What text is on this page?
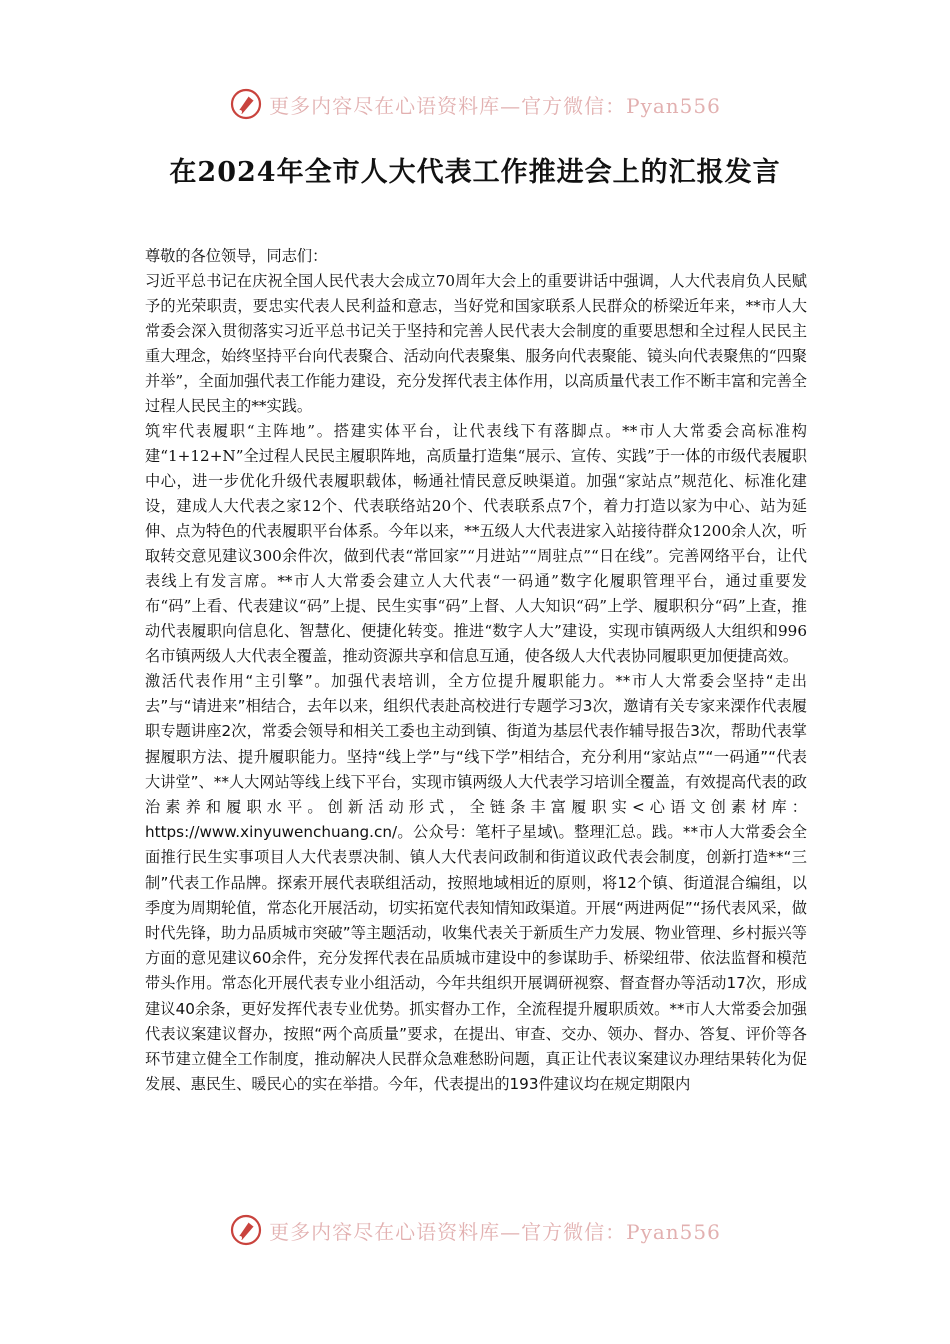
更多内容尽在心语资料库—官方微信：Pyan556
在2024年全市人大代表工作推进会上的汇报发言

尊敬的各位领导，同志们：

习近平总书记在庆祝全国人民代表大会成立70周年大会上的重要讲话中强调，人大代表肩负人民赋予的光荣职责，要忠实代表人民利益和意志，当好党和国家联系人民群众的桥梁近年来，**市人大常委会深入贯彻落实习近平总书记关于坚持和完善人民代表大会制度的重要思想和全过程人民民主重大理念，始终坚持平台向代表聚合、活动向代表聚集、服务向代表聚能、镜头向代表聚焦的“四聚并举”，全面加强代表工作能力建设，充分发挥代表主体作用，以高质量代表工作不断丰富和完善全过程人民民主的**实践。

筑牢代表履职“主阵地”。搭建实体平台，让代表线下有落脚点。**市人大常委会高标准构建“1+12+N”全过程人民民主履职阵地，高质量打造集“展示、宣传、实践”于一体的市级代表履职中心，进一步优化升级代表履职载体，畅通社情民意反映渠道。加强“家站点”规范化、标准化建设，建成人大代表之家12个、代表联络站20个、代表联系点7个，着力打造以家为中心、站为延伸、点为特色的代表履职平台体系。今年以来，**五级人大代表进家入站接待群众1200余人次，听取转交意见建议300余件次，做到代表“常回家”“月进站”“周驻点”“日在线”。完善网络平台，让代表线上有发言席。**市人大常委会建立人大代表“一码通”数字化履职管理平台，通过重要发布“码”上看、代表建议“码”上提、民生实事“码”上督、人大知识“码”上学、履职积分“码”上查，推动代表履职向信息化、智慧化、便捷化转变。推进“数字人大”建设，实现市镇两级人大组织和996名市镇两级人大代表全覆盖，推动资源共享和信息互通，使各级人大代表协同履职更加便捷高效。

激活代表作用“主引擎”。加强代表培训，全方位提升履职能力。**市人大常委会坚持“走出去”与“请进来”相结合，去年以来，组织代表赴高校进行专题学习3次，邀请有关专家来溧作代表履职专题讲座2次，常委会领导和相关工委也主动到镇、街道为基层代表作辅导报告3次，帮助代表掌握履职方法、提升履职能力。坚持“线上学”与“线下学”相结合，充分利用“家站点”“一码通”“代表大讲堂”、**人大网站等线上线下平台，实现市镇两级人大代表学习培训全覆盖，有效提高代表的政治素养和履职水平。创新活动形式，全链条丰富履职实<心语文创素材库：https://www.xinyuwenchuang.cn/。公众号：笔杆子星域\。整理汇总。践。**市人大常委会全面推行民生实事项目人大代表票决制、镇人大代表问政制和街道议政代表会制度，创新打造**“三制”代表工作品牌。探索开展代表联组活动，按照地域相近的原则，将12个镇、街道混合编组，以季度为周期轮值，常态化开展活动，切实拓宽代表知情知政渠道。开展“两进两促”“扬代表风采，做时代先锋，助力品质城市突破”等主题活动，收集代表关于新质生产力发展、物业管理、乡村振兴等方面的意见建议60余件，充分发挥代表在品质城市建设中的参谋助手、桥梁纽带、依法监督和模范带头作用。常态化开展代表专业小组活动，今年共组织开展调研视察、督查督办等活动17次，形成建议40余条，更好发挥代表专业优势。抓实督办工作，全流程提升履职质效。**市人大常委会加强代表议案建议督办，按照“两个高质量”要求，在提出、审查、交办、领办、督办、答复、评价等各环节建立健全工作制度，推动解决人民群众急难愁盼问题，真正让代表议案建议办理结果转化为促发展、惠民生、暖民心的实在举措。今年，代表提出的193件建议均在规定期限内

更多内容尽在心语资料库—官方微信：Pyan556
